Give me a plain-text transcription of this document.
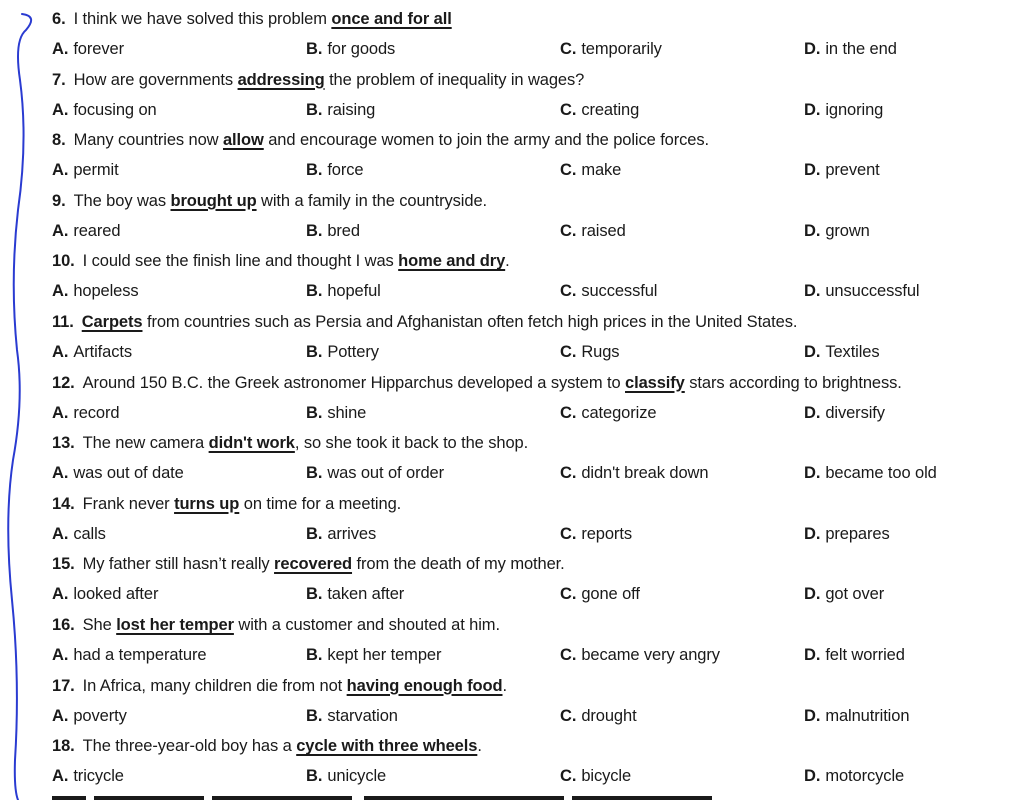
6. I think we have solved this problem once and for all
A. forever	B. for goods	C. temporarily	D. in the end
7. How are governments addressing the problem of inequality in wages?
A. focusing on	B. raising	C. creating	D. ignoring
8. Many countries now allow and encourage women to join the army and the police forces.
A. permit	B. force	C. make	D. prevent
9. The boy was brought up with a family in the countryside.
A. reared	B. bred	C. raised	D. grown
10. I could see the finish line and thought I was home and dry.
A. hopeless	B. hopeful	C. successful	D. unsuccessful
11. Carpets from countries such as Persia and Afghanistan often fetch high prices in the United States.
A. Artifacts	B. Pottery	C. Rugs	D. Textiles
12. Around 150 B.C. the Greek astronomer Hipparchus developed a system to classify stars according to brightness.
A. record	B. shine	C. categorize	D. diversify
13. The new camera didn't work, so she took it back to the shop.
A. was out of date	B. was out of order	C. didn't break down	D. became too old
14. Frank never turns up on time for a meeting.
A. calls	B. arrives	C. reports	D. prepares
15. My father still hasn’t really recovered from the death of my mother.
A. looked after	B. taken after	C. gone off	D. got over
16. She lost her temper with a customer and shouted at him.
A. had a temperature	B. kept her temper	C. became very angry	D. felt worried
17. In Africa, many children die from not having enough food.
A. poverty	B. starvation	C. drought	D. malnutrition
18. The three-year-old boy has a cycle with three wheels.
A. tricycle	B. unicycle	C. bicycle	D. motorcycle
